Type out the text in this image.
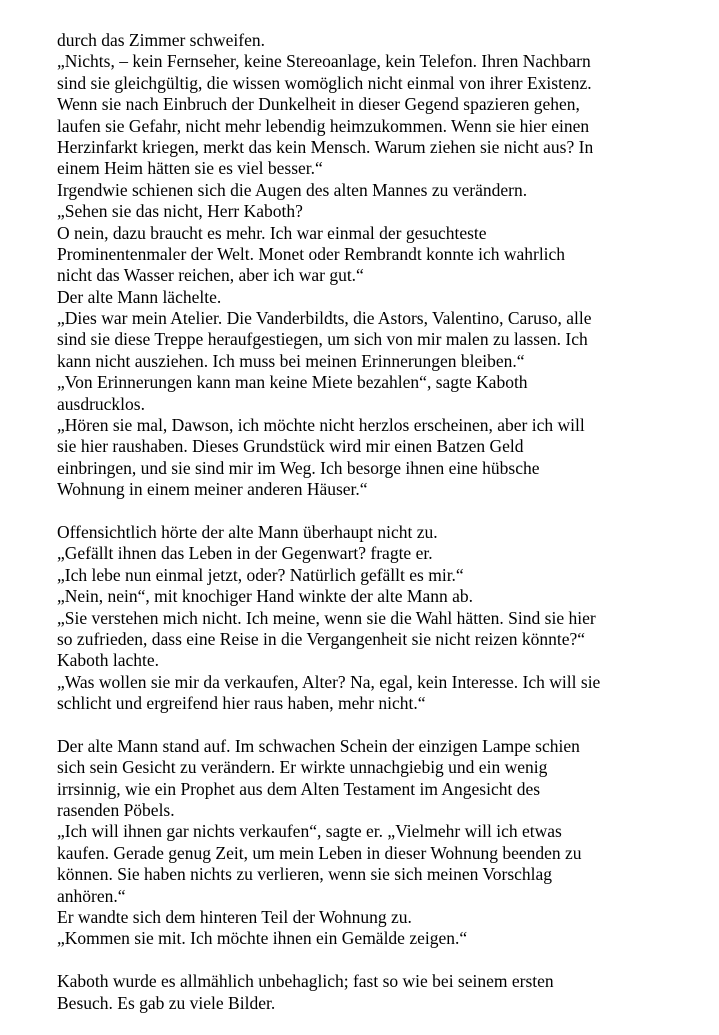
durch das Zimmer schweifen.
„Nichts, – kein Fernseher, keine Stereoanlage, kein Telefon. Ihren Nachbarn
sind sie gleichgültig, die wissen womöglich nicht einmal von ihrer Existenz.
Wenn sie nach Einbruch der Dunkelheit in dieser Gegend spazieren gehen,
laufen sie Gefahr, nicht mehr lebendig heimzukommen. Wenn sie hier einen
Herzinfarkt kriegen, merkt das kein Mensch. Warum ziehen sie nicht aus? In
einem Heim hätten sie es viel besser.“
Irgendwie schienen sich die Augen des alten Mannes zu verändern.
„Sehen sie das nicht, Herr Kaboth?
O nein, dazu braucht es mehr. Ich war einmal der gesuchteste
Prominentenmaler der Welt. Monet oder Rembrandt konnte ich wahrlich
nicht das Wasser reichen, aber ich war gut.“
Der alte Mann lächelte.
„Dies war mein Atelier. Die Vanderbildts, die Astors, Valentino, Caruso, alle
sind sie diese Treppe heraufgestiegen, um sich von mir malen zu lassen. Ich
kann nicht ausziehen. Ich muss bei meinen Erinnerungen bleiben.“
„Von Erinnerungen kann man keine Miete bezahlen“, sagte Kaboth
ausdrucklos.
„Hören sie mal, Dawson, ich möchte nicht herzlos erscheinen, aber ich will
sie hier raushaben. Dieses Grundstück wird mir einen Batzen Geld
einbringen, und sie sind mir im Weg. Ich besorge ihnen eine hübsche
Wohnung in einem meiner anderen Häuser.“
Offensichtlich hörte der alte Mann überhaupt nicht zu.
„Gefällt ihnen das Leben in der Gegenwart? fragte er.
„Ich lebe nun einmal jetzt, oder? Natürlich gefällt es mir.“
„Nein, nein“, mit knochiger Hand winkte der alte Mann ab.
„Sie verstehen mich nicht. Ich meine, wenn sie die Wahl hätten. Sind sie hier
so zufrieden, dass eine Reise in die Vergangenheit sie nicht reizen könnte?“
Kaboth lachte.
„Was wollen sie mir da verkaufen, Alter? Na, egal, kein Interesse. Ich will sie
schlicht und ergreifend hier raus haben, mehr nicht.“
Der alte Mann stand auf. Im schwachen Schein der einzigen Lampe schien
sich sein Gesicht zu verändern. Er wirkte unnachgiebig und ein wenig
irrsinnig, wie ein Prophet aus dem Alten Testament im Angesicht des
rasenden Pöbels.
„Ich will ihnen gar nichts verkaufen“, sagte er. „Vielmehr will ich etwas
kaufen. Gerade genug Zeit, um mein Leben in dieser Wohnung beenden zu
können. Sie haben nichts zu verlieren, wenn sie sich meinen Vorschlag
anhören.“
Er wandte sich dem hinteren Teil der Wohnung zu.
„Kommen sie mit. Ich möchte ihnen ein Gemälde zeigen.“
Kaboth wurde es allmählich unbehaglich; fast so wie bei seinem ersten
Besuch. Es gab zu viele Bilder.
